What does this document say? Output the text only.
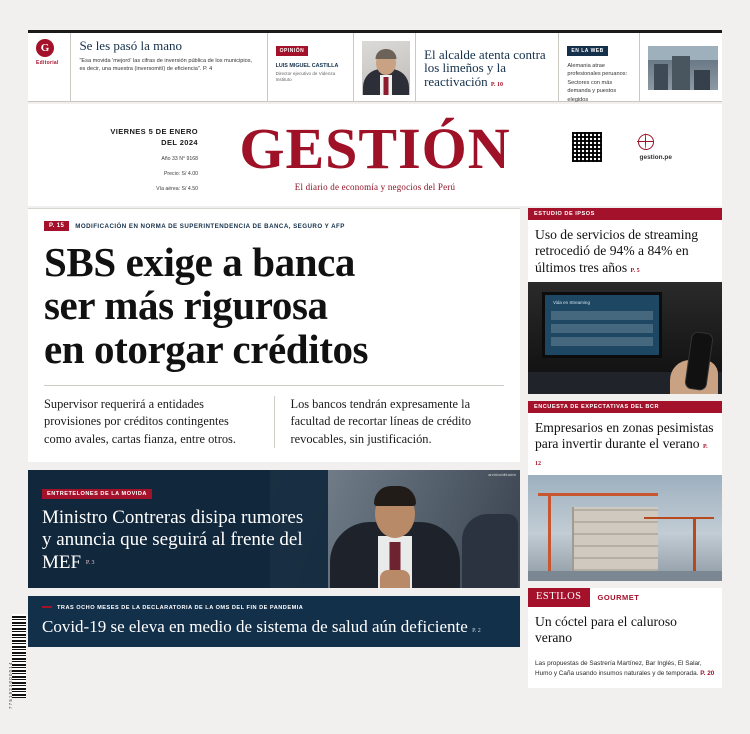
7 7 5 1 8 2 3 0 0 0 0 1 4
G
Editorial
Se les pasó la mano
"Esa movida 'mejoró' las cifras de inversión pública de los municipios, es decir, una muestra (inversomití) de eficiencia". P. 4
OPINIÓN
LUIS MIGUEL CASTILLA
Director ejecutivo de Videnza Instituto
El alcalde atenta contra los limeños y la reactivación P. 10
EN LA WEB
Alemania atrae profesionales peruanos: Sectores con más demanda y puestos elegidos
VIERNES 5 DE ENERO
DEL 2024
Año 33 N° 9168
Precio: S/ 4.00
Vía aérea: S/ 4.50
GESTIÓN
El diario de economía y negocios del Perú
gestion.pe
P. 15	MODIFICACIÓN EN NORMA DE SUPERINTENDENCIA DE BANCA, SEGURO Y AFP
SBS exige a banca
ser más rigurosa
en otorgar créditos
Supervisor requerirá a entidades provisiones por créditos contingentes como avales, cartas fianza, entre otros.
Los bancos tendrán expresamente la facultad de recortar líneas de crédito revocables, sin justificación.
archivo/difusión
ENTRETELONES DE LA MOVIDA
Ministro Contreras disipa rumores y anuncia que seguirá al frente del MEF P. 3
TRAS OCHO MESES DE LA DECLARATORIA DE LA OMS DEL FIN DE PANDEMIA
Covid-19 se eleva en medio de sistema de salud aún deficiente P. 2
ESTUDIO DE IPSOS
Uso de servicios de streaming retrocedió de 94% a 84% en últimos tres años P. 5
Vida en Streaming
ENCUESTA DE EXPECTATIVAS DEL BCR
Empresarios en zonas pesimistas para invertir durante el verano P. 12
ESTILOS	GOURMET
Un cóctel para el caluroso verano
Las propuestas de Sastrería Martínez, Bar Inglés, El Salar, Humo y Caña usando insumos naturales y de temporada. P. 20
